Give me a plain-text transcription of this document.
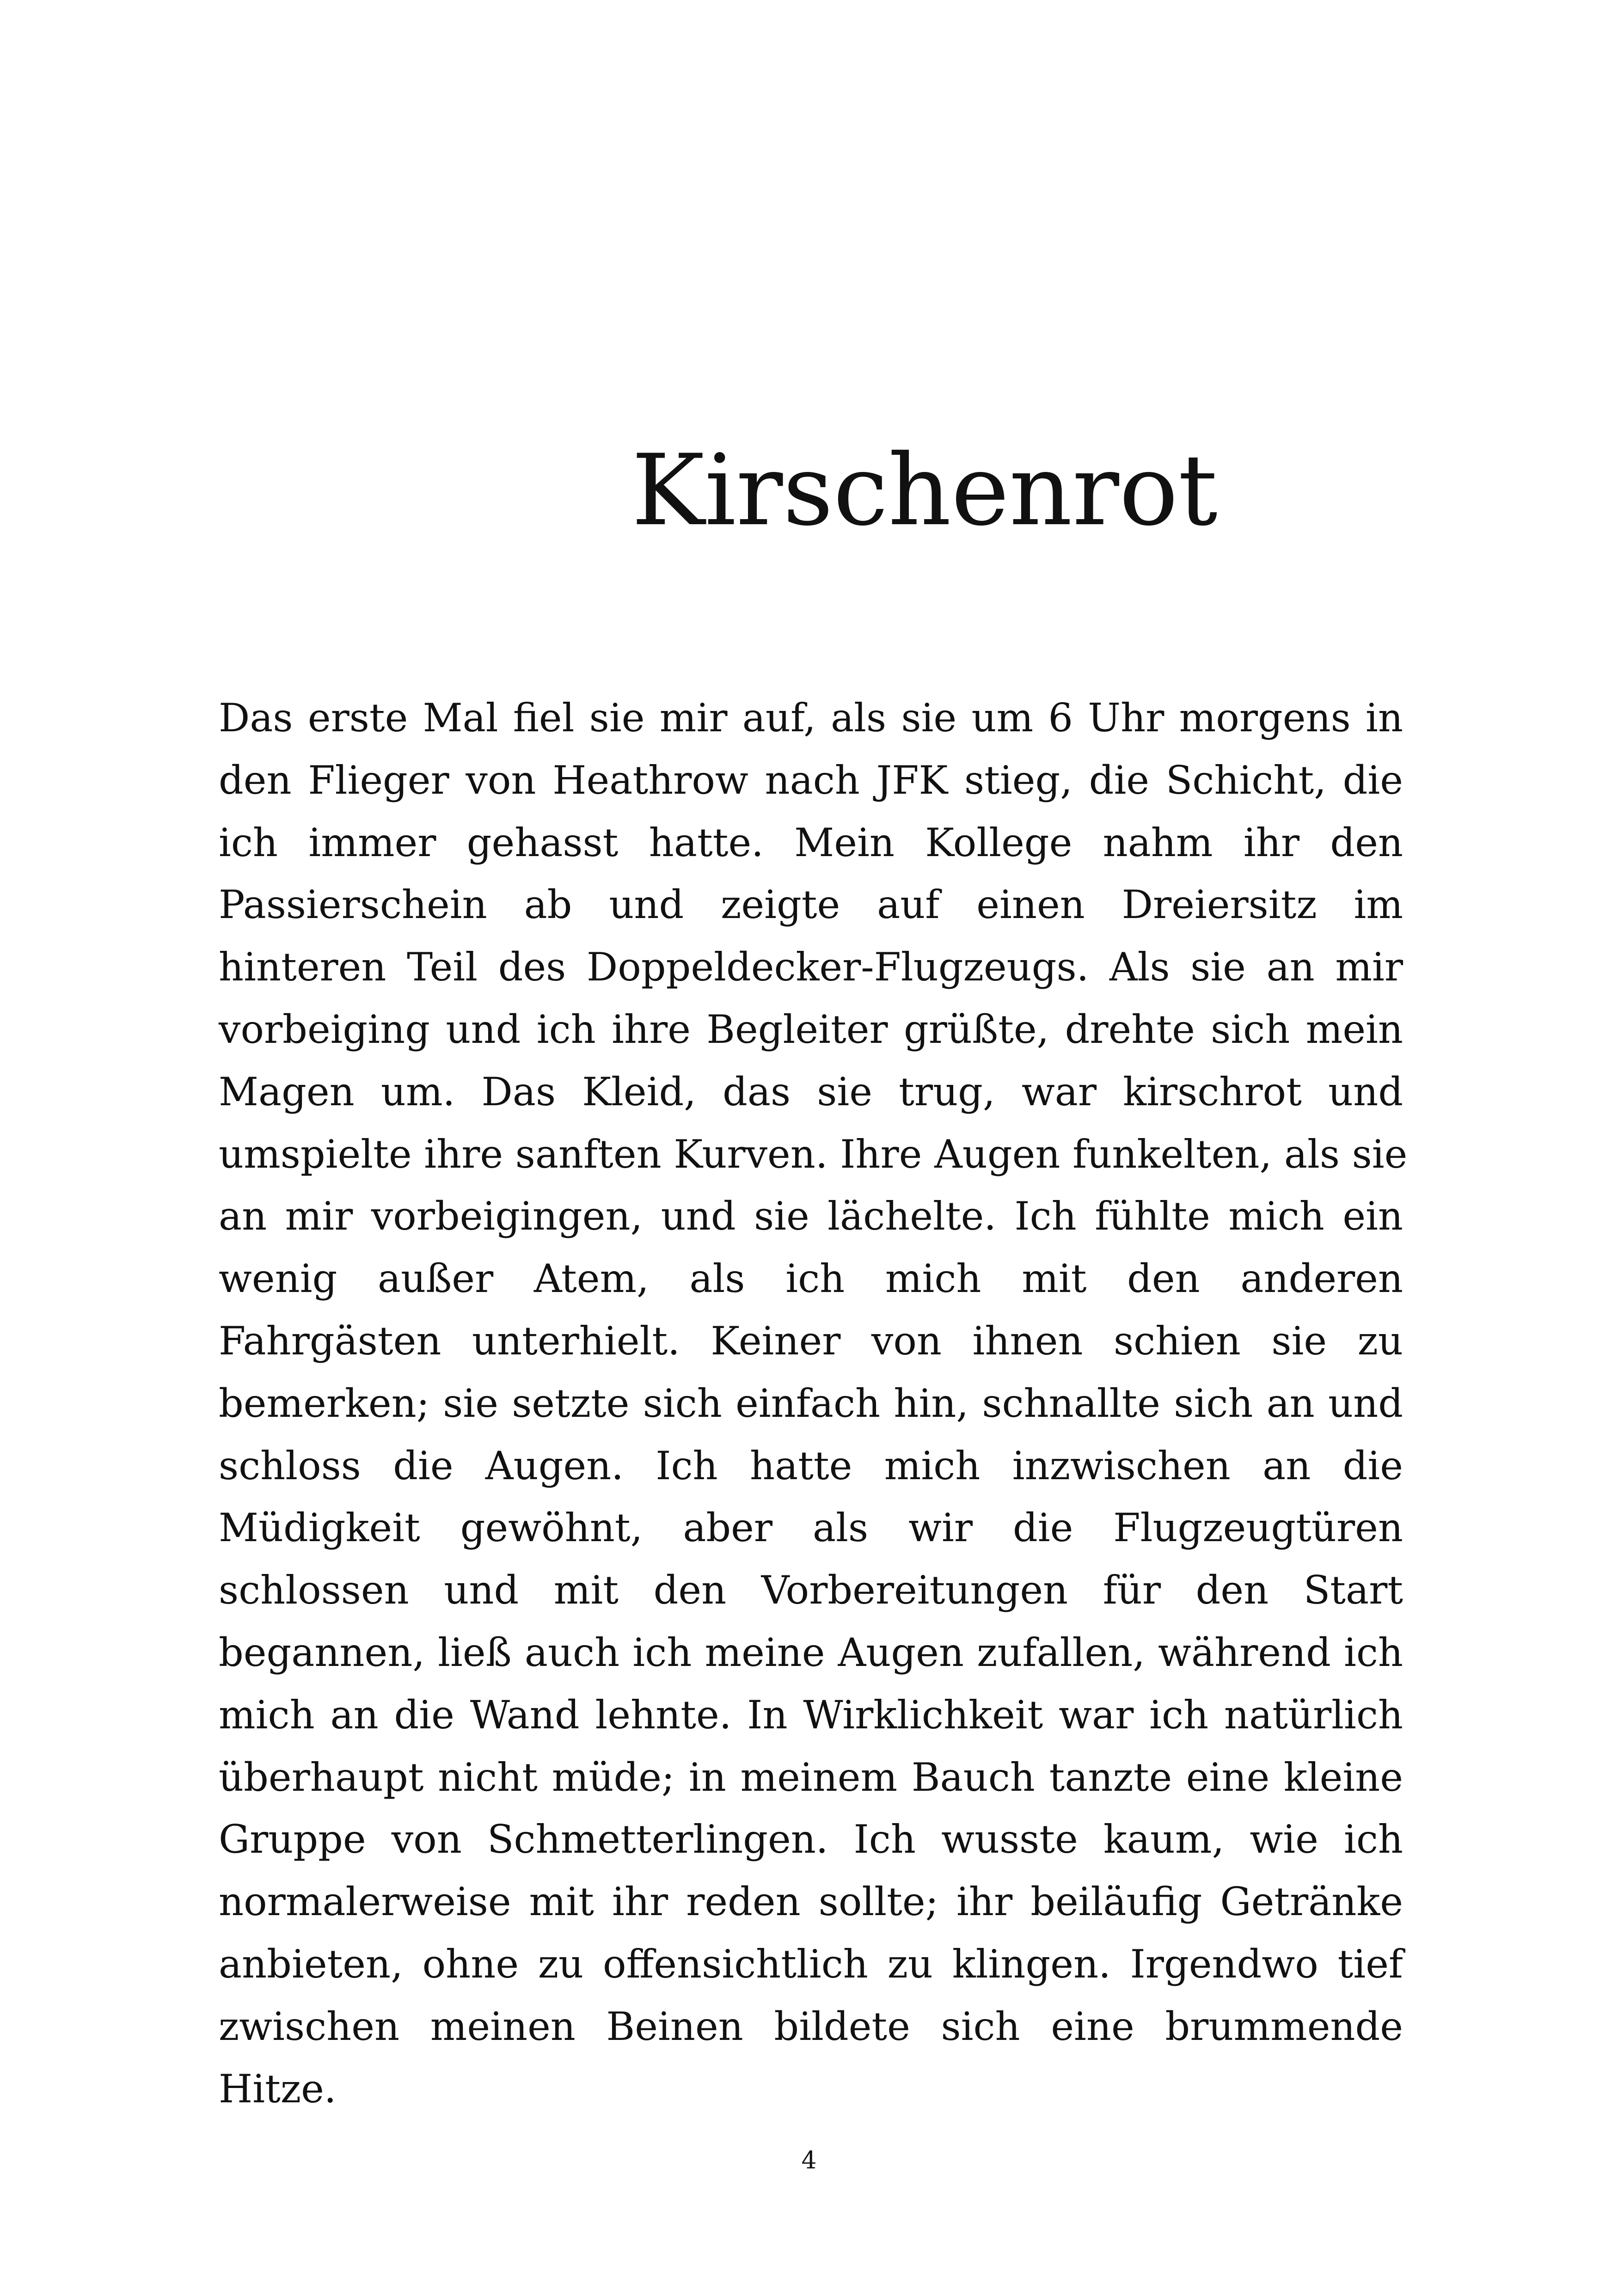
Kirschenrot
Das erste Mal fiel sie mir auf, als sie um 6 Uhr morgens in
den Flieger von Heathrow nach JFK stieg, die Schicht, die
ich immer gehasst hatte. Mein Kollege nahm ihr den
Passierschein ab und zeigte auf einen Dreiersitz im
hinteren Teil des Doppeldecker-Flugzeugs. Als sie an mir
vorbeiging und ich ihre Begleiter grüßte, drehte sich mein
Magen um. Das Kleid, das sie trug, war kirschrot und
umspielte ihre sanften Kurven. Ihre Augen funkelten, als sie
an mir vorbeigingen, und sie lächelte. Ich fühlte mich ein
wenig außer Atem, als ich mich mit den anderen
Fahrgästen unterhielt. Keiner von ihnen schien sie zu
bemerken; sie setzte sich einfach hin, schnallte sich an und
schloss die Augen. Ich hatte mich inzwischen an die
Müdigkeit gewöhnt, aber als wir die Flugzeugtüren
schlossen und mit den Vorbereitungen für den Start
begannen, ließ auch ich meine Augen zufallen, während ich
mich an die Wand lehnte. In Wirklichkeit war ich natürlich
überhaupt nicht müde; in meinem Bauch tanzte eine kleine
Gruppe von Schmetterlingen. Ich wusste kaum, wie ich
normalerweise mit ihr reden sollte; ihr beiläufig Getränke
anbieten, ohne zu offensichtlich zu klingen. Irgendwo tief
zwischen meinen Beinen bildete sich eine brummende
Hitze.
4
